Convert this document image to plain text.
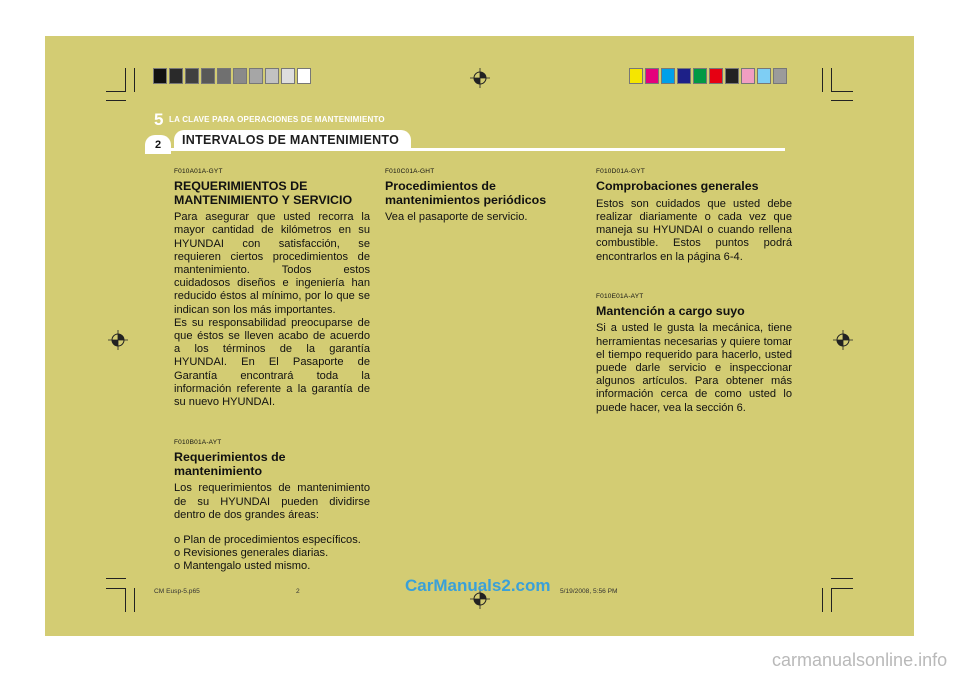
5 LA CLAVE PARA OPERACIONES DE MANTENIMIENTO
2	INTERVALOS DE MANTENIMIENTO
F010A01A-GYT
REQUERIMIENTOS DE
MANTENIMIENTO Y SERVICIO

Para asegurar que usted recorra la mayor cantidad de kilómetros en su HYUNDAI con satisfacción, se requieren ciertos procedimientos de mantenimiento. Todos estos cuidadosos diseños e ingeniería han reducido éstos al mínimo, por lo que se indican son los más importantes.

Es su responsabilidad preocuparse de que éstos se lleven acabo de acuerdo a los términos de la garantía HYUNDAI. En El Pasaporte de Garantía encontrará toda la información referente a la garantía de su nuevo HYUNDAI.

F010B01A-AYT
Requerimientos de
mantenimiento

Los requerimientos de mantenimiento de su HYUNDAI pueden dividirse dentro de dos grandes áreas:

o Plan de procedimientos específicos.
o Revisiones generales diarias.
o Mantengalo usted mismo.
F010C01A-GHT
Procedimientos de
mantenimientos periódicos

Vea el pasaporte de servicio.

F010D01A-GYT
Comprobaciones generales

Estos son cuidados que usted debe realizar diariamente o cada vez que maneja su HYUNDAI o cuando rellena combustible. Estos puntos podrá encontrarlos en la página 6-4.

F010E01A-AYT
Mantención a cargo suyo

Si a usted le gusta la mecánica, tiene herramientas necesarias y quiere tomar el tiempo requerido para hacerlo, usted puede darle servicio e inspeccionar algunos artículos. Para obtener más información cerca de como usted lo puede hacer, vea la sección 6.

CM Eusp-5.p65	2	5/19/2008, 5:56 PM
CarManuals2.com
carmanualsonline.info
